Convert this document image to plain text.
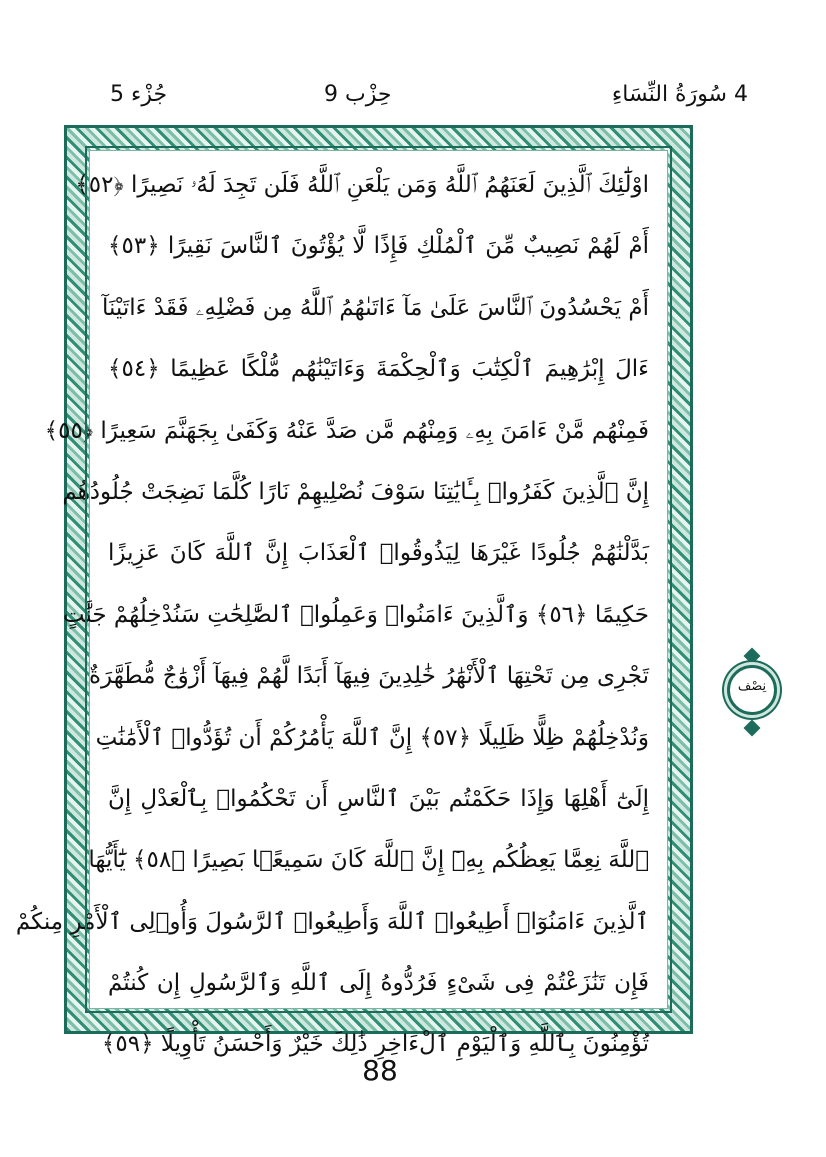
4 سُورَةُ النِّسَاءِ
حِزْب 9
جُزْء 5
اوْلَٰٓئِكَ ٱلَّذِينَ لَعَنَهُمُ ٱللَّهُ وَمَن يَلْعَنِ ٱللَّهُ فَلَن تَجِدَ لَهُۥ نَصِيرًا ﴿٥٢﴾
أَمْ لَهُمْ نَصِيبٌ مِّنَ ٱلْمُلْكِ فَإِذًا لَّا يُؤْتُونَ ٱلنَّاسَ نَقِيرًا ﴿٥٣﴾
أَمْ يَحْسُدُونَ ٱلنَّاسَ عَلَىٰ مَآ ءَاتَىٰهُمُ ٱللَّهُ مِن فَضْلِهِۦ فَقَدْ ءَاتَيْنَآ
ءَالَ إِبْرَٰهِيمَ ٱلْكِتَٰبَ وَٱلْحِكْمَةَ وَءَاتَيْنَٰهُم مُّلْكًا عَظِيمًا ﴿٥٤﴾
فَمِنْهُم مَّنْ ءَامَنَ بِهِۦ وَمِنْهُم مَّن صَدَّ عَنْهُ وَكَفَىٰ بِجَهَنَّمَ سَعِيرًا ﴿٥٥﴾
إِنَّ ٱلَّذِينَ كَفَرُوا۟ بِـَٔايَٰتِنَا سَوْفَ نُصْلِيهِمْ نَارًا كُلَّمَا نَضِجَتْ جُلُودُهُم
بَدَّلْنَٰهُمْ جُلُودًا غَيْرَهَا لِيَذُوقُوا۟ ٱلْعَذَابَ إِنَّ ٱللَّهَ كَانَ عَزِيزًا
حَكِيمًا ﴿٥٦﴾ وَٱلَّذِينَ ءَامَنُوا۟ وَعَمِلُوا۟ ٱلصَّٰلِحَٰتِ سَنُدْخِلُهُمْ جَنَّٰتٍ
تَجْرِى مِن تَحْتِهَا ٱلْأَنْهَٰرُ خَٰلِدِينَ فِيهَآ أَبَدًا لَّهُمْ فِيهَآ أَزْوَٰجٌ مُّطَهَّرَةٌ
وَنُدْخِلُهُمْ ظِلًّا ظَلِيلًا ﴿٥٧﴾ إِنَّ ٱللَّهَ يَأْمُرُكُمْ أَن تُؤَدُّوا۟ ٱلْأَمَٰنَٰتِ
إِلَىٰٓ أَهْلِهَا وَإِذَا حَكَمْتُم بَيْنَ ٱلنَّاسِ أَن تَحْكُمُوا۟ بِٱلْعَدْلِ إِنَّ
ٱللَّهَ نِعِمَّا يَعِظُكُم بِهِۦٓ إِنَّ ٱللَّهَ كَانَ سَمِيعًۢا بَصِيرًا ﴿٥٨﴾ يَٰٓأَيُّهَا
ٱلَّذِينَ ءَامَنُوٓا۟ أَطِيعُوا۟ ٱللَّهَ وَأَطِيعُوا۟ ٱلرَّسُولَ وَأُو۟لِى ٱلْأَمْرِ مِنكُمْ
فَإِن تَنَٰزَعْتُمْ فِى شَىْءٍ فَرُدُّوهُ إِلَى ٱللَّهِ وَٱلرَّسُولِ إِن كُنتُمْ
تُؤْمِنُونَ بِٱللَّهِ وَٱلْيَوْمِ ٱلْءَاخِرِ ذَٰلِكَ خَيْرٌ وَأَحْسَنُ تَأْوِيلًا ﴿٥٩﴾
نِصْف
88
